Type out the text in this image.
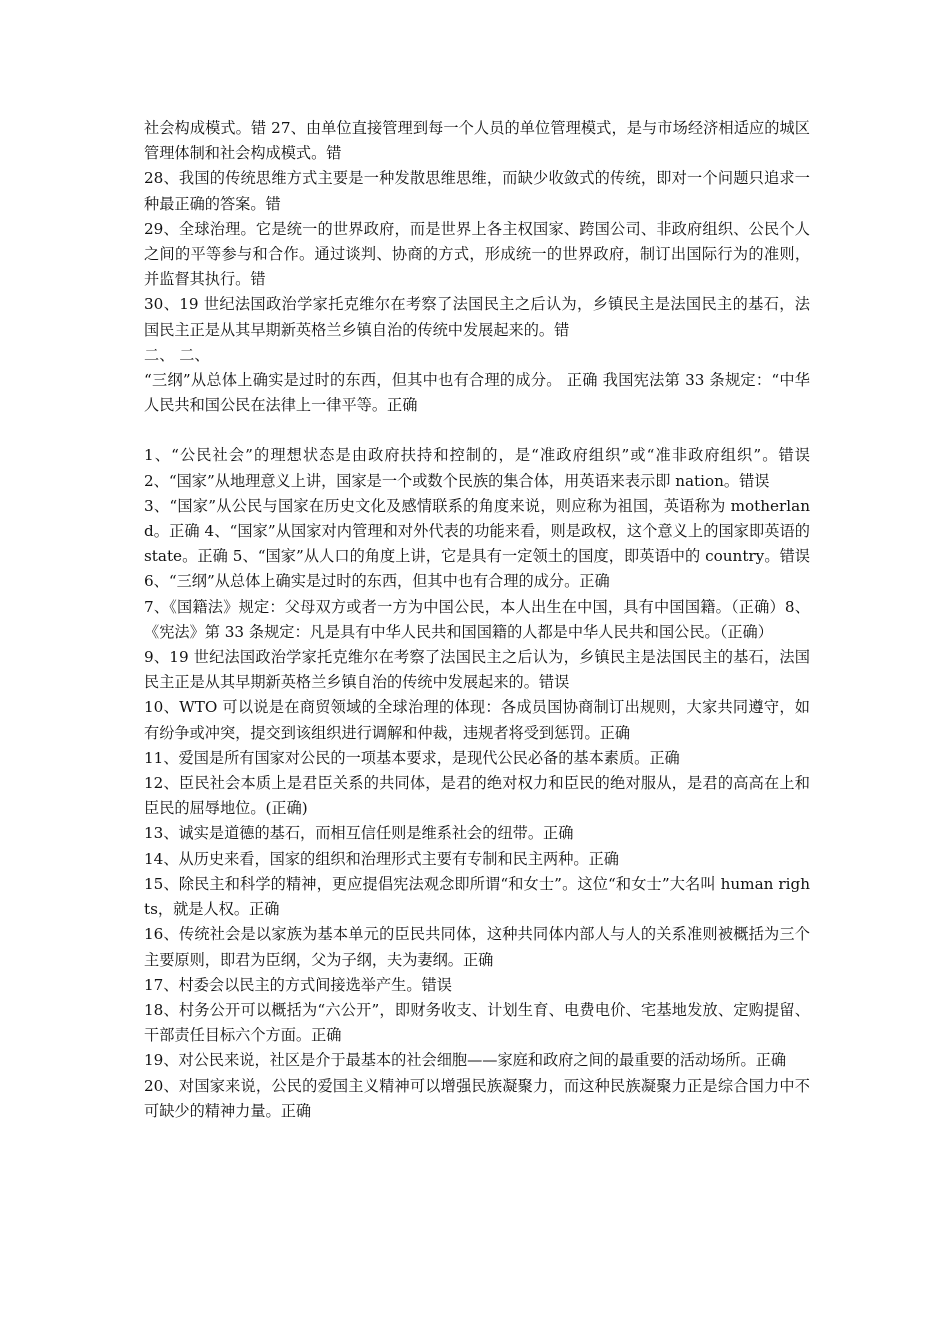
社会构成模式。错 27、由单位直接管理到每一个人员的单位管理模式，是与市场经济相适应的城区管理体制和社会构成模式。错

28、我国的传统思维方式主要是一种发散思维思维，而缺少收敛式的传统，即对一个问题只追求一种最正确的答案。错

29、全球治理。它是统一的世界政府，而是世界上各主权国家、跨国公司、非政府组织、公民个人之间的平等参与和合作。通过谈判、协商的方式，形成统一的世界政府，制订出国际行为的准则，并监督其执行。错

30、19 世纪法国政治学家托克维尔在考察了法国民主之后认为，乡镇民主是法国民主的基石，法国民主正是从其早期新英格兰乡镇自治的传统中发展起来的。错

二、 二、

“三纲”从总体上确实是过时的东西，但其中也有合理的成分。 正确 我国宪法第 33 条规定：“中华人民共和国公民在法律上一律平等。正确

1、“公民社会”的理想状态是由政府扶持和控制的，是“准政府组织”或“准非政府组织”。错误 2、“国家”从地理意义上讲，国家是一个或数个民族的集合体，用英语来表示即 nation。错误

3、“国家”从公民与国家在历史文化及感情联系的角度来说，则应称为祖国，英语称为 motherland。正确 4、“国家”从国家对内管理和对外代表的功能来看，则是政权，这个意义上的国家即英语的 state。正确 5、“国家”从人口的角度上讲，它是具有一定领土的国度，即英语中的 country。错误 6、“三纲”从总体上确实是过时的东西，但其中也有合理的成分。正确

7、《国籍法》规定：父母双方或者一方为中国公民，本人出生在中国，具有中国国籍。（正确）8、《宪法》第 33 条规定：凡是具有中华人民共和国国籍的人都是中华人民共和国公民。（正确）

9、19 世纪法国政治学家托克维尔在考察了法国民主之后认为，乡镇民主是法国民主的基石，法国民主正是从其早期新英格兰乡镇自治的传统中发展起来的。错误

10、WTO 可以说是在商贸领域的全球治理的体现：各成员国协商制订出规则，大家共同遵守，如有纷争或冲突，提交到该组织进行调解和仲裁，违规者将受到惩罚。正确

11、爱国是所有国家对公民的一项基本要求，是现代公民必备的基本素质。正确

12、臣民社会本质上是君臣关系的共同体，是君的绝对权力和臣民的绝对服从，是君的高高在上和臣民的屈辱地位。(正确)

13、诚实是道德的基石，而相互信任则是维系社会的纽带。正确

14、从历史来看，国家的组织和治理形式主要有专制和民主两种。正确

15、除民主和科学的精神，更应提倡宪法观念即所谓“和女士”。这位“和女士”大名叫 human rights，就是人权。正确

16、传统社会是以家族为基本单元的臣民共同体，这种共同体内部人与人的关系准则被概括为三个主要原则，即君为臣纲，父为子纲，夫为妻纲。正确

17、村委会以民主的方式间接选举产生。错误

18、村务公开可以概括为“六公开”，即财务收支、计划生育、电费电价、宅基地发放、定购提留、干部责任目标六个方面。正确

19、对公民来说，社区是介于最基本的社会细胞——家庭和政府之间的最重要的活动场所。正确

20、对国家来说，公民的爱国主义精神可以增强民族凝聚力，而这种民族凝聚力正是综合国力中不可缺少的精神力量。正确
